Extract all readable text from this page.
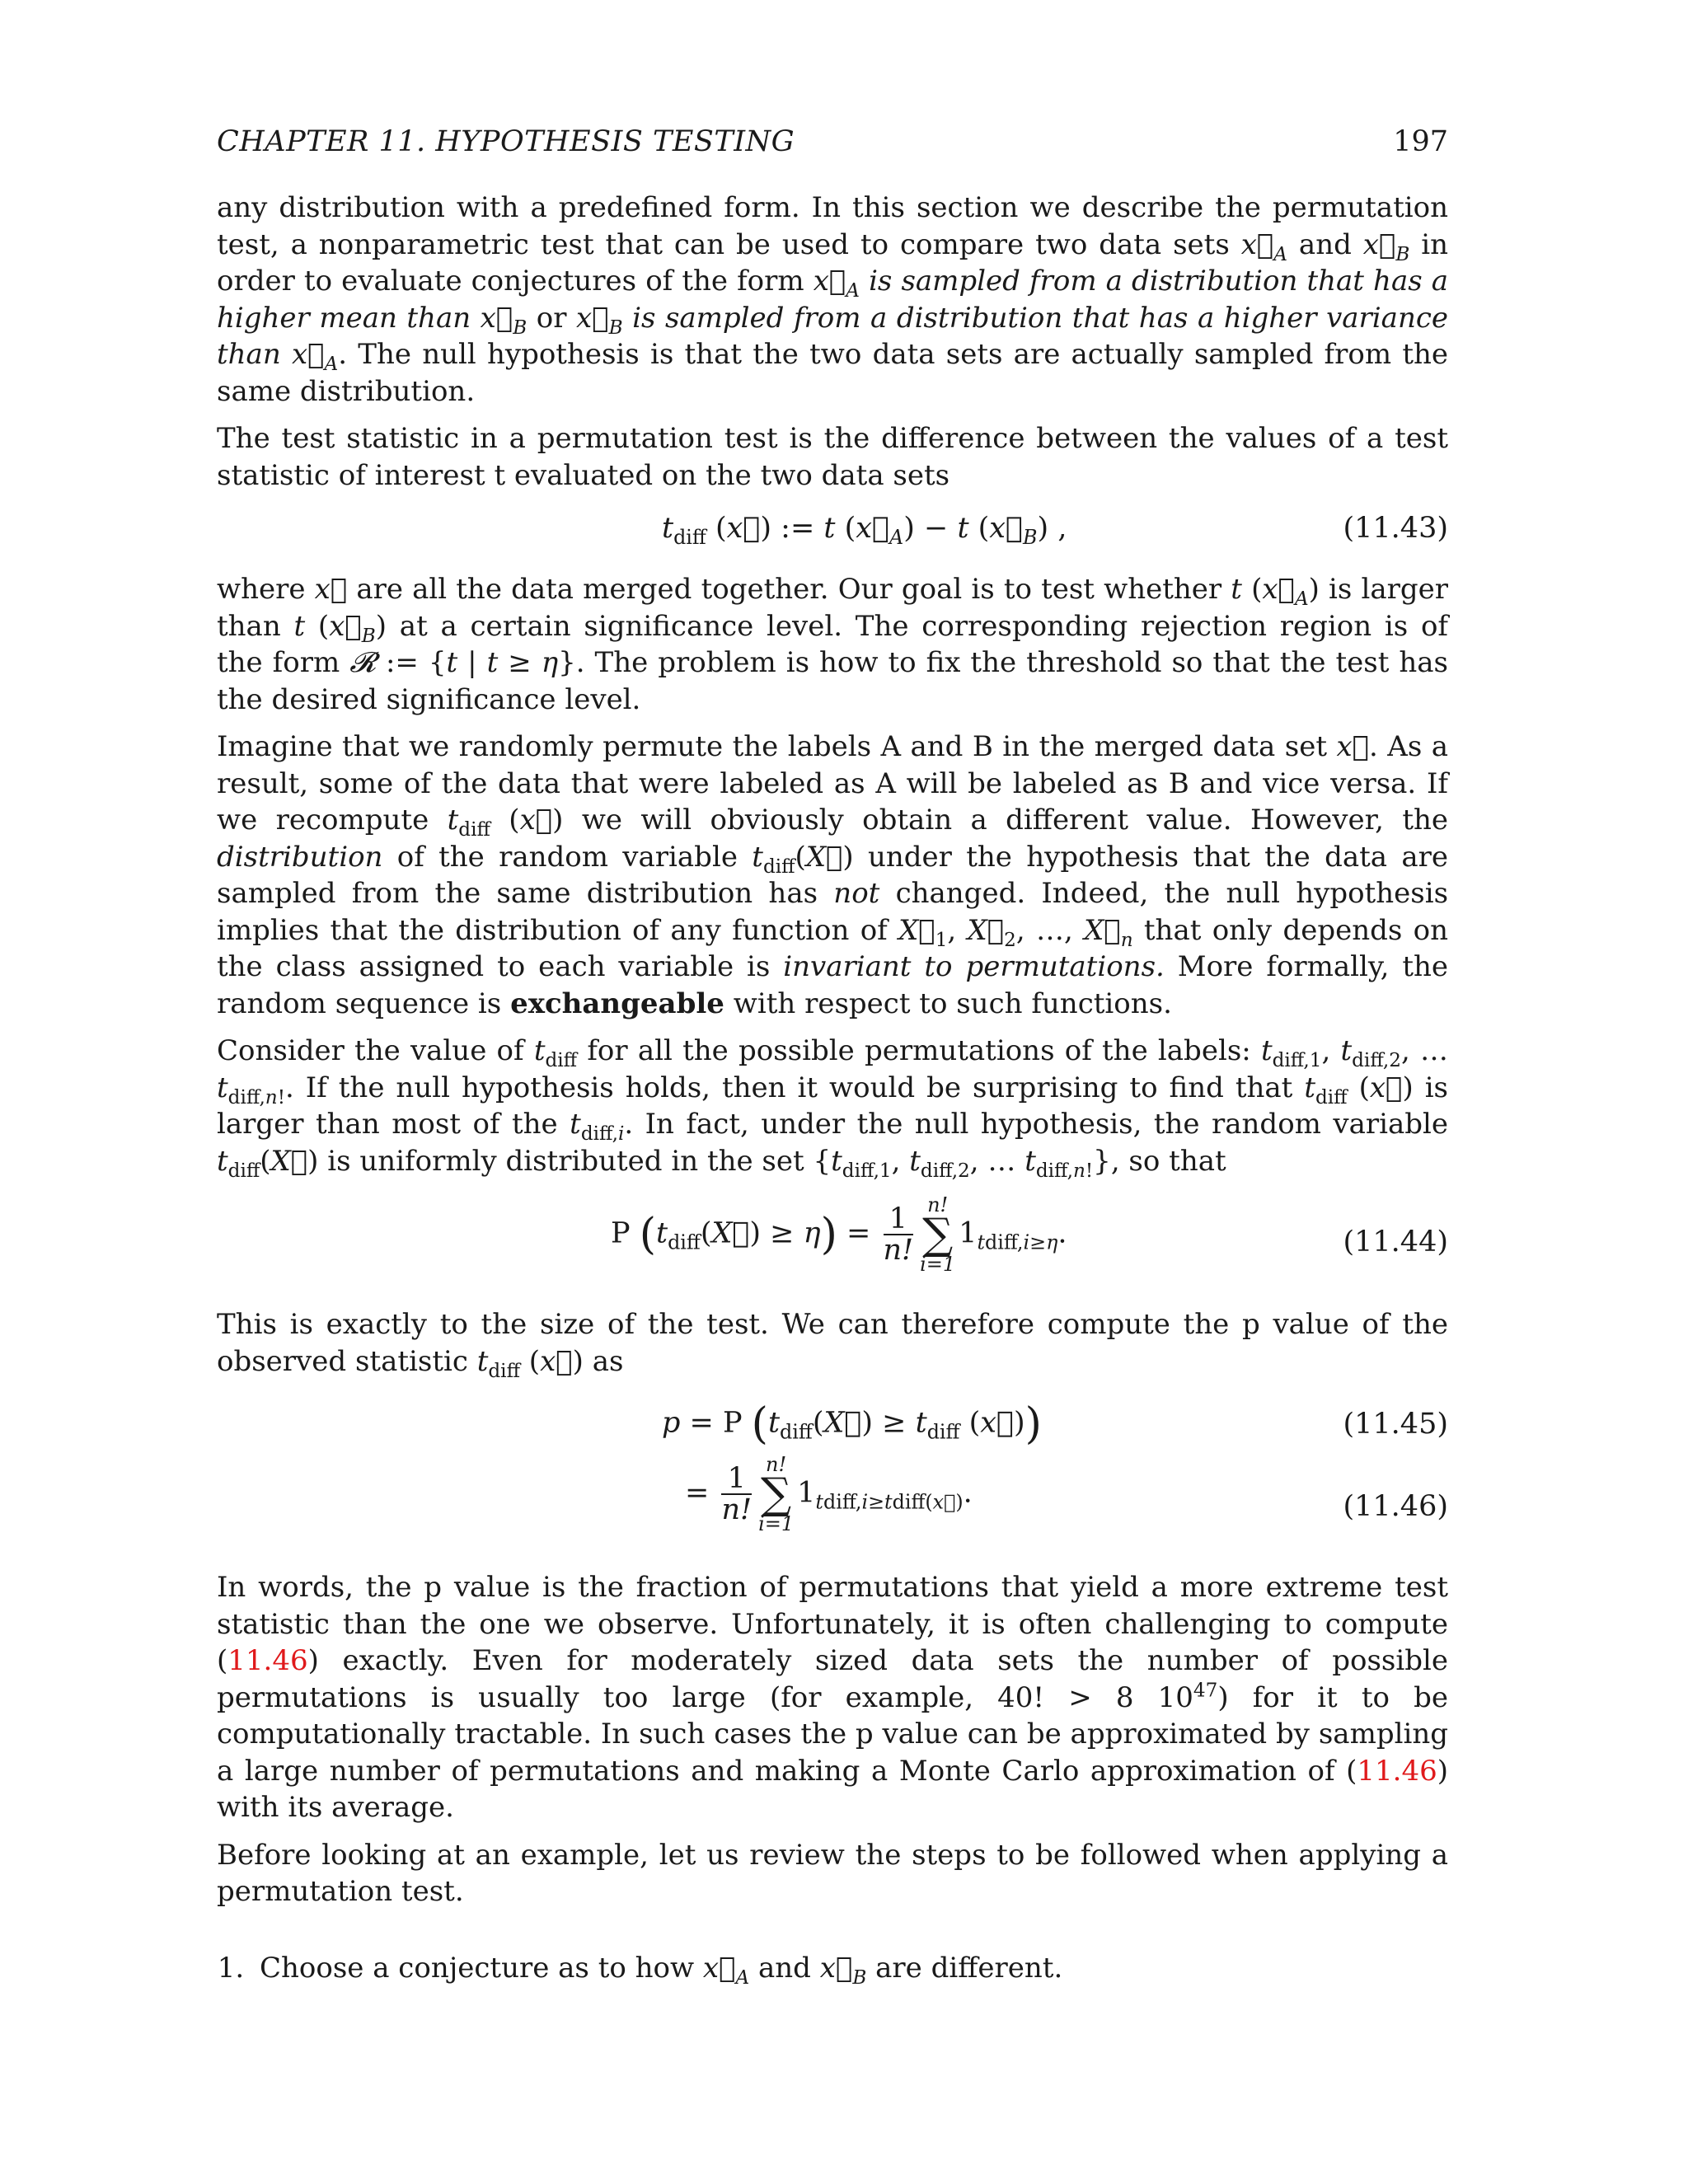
CHAPTER 11. HYPOTHESIS TESTING	197

any distribution with a predefined form. In this section we describe the permutation test, a nonparametric test that can be used to compare two data sets $x⃗_A$ and $x⃗_B$ in order to evaluate conjectures of the form $x⃗_A$ is sampled from a distribution that has a higher mean than $x⃗_B$ or $x⃗_B$ is sampled from a distribution that has a higher variance than $x⃗_A$. The null hypothesis is that the two data sets are actually sampled from the same distribution.

The test statistic in a permutation test is the difference between the values of a test statistic of interest t evaluated on the two data sets

$t_{diff}$ (x⃗) := t $(x⃗_A) - t$ $(x⃗_B)$ ,	(11.43)

where x⃗ are all the data merged together. Our goal is to test whether t $(x⃗_A)$ is larger than t $(x⃗_B)$ at a certain significance level. The corresponding rejection region is of the form 𝓡 := {t | t ≥ η}. The problem is how to fix the threshold so that the test has the desired significance level.

Imagine that we randomly permute the labels A and B in the merged data set x⃗. As a result, some of the data that were labeled as A will be labeled as B and vice versa. If we recompute $t_{diff}$ (x⃗) we will obviously obtain a different value. However, the distribution of the random variable $t_{diff}(X⃗)$ under the hypothesis that the data are sampled from the same distribution has not changed. Indeed, the null hypothesis implies that the distribution of any function of $X⃗_1$, $X⃗_2$, …, $X⃗_n$ that only depends on the class assigned to each variable is invariant to permutations. More formally, the random sequence is exchangeable with respect to such functions.

Consider the value of $t_{diff}$ for all the possible permutations of the labels: $t_{diff,1}$, $t_{diff,2}$, … $t_{diff,n!}$. If the null hypothesis holds, then it would be surprising to find that $t_{diff}$ (x⃗) is larger than most of the $t_{diff,i}$. In fact, under the null hypothesis, the random variable $t_{diff}(X⃗)$ is uniformly distributed in the set {$t_{diff,1}$, $t_{diff,2}$, … $t_{diff,n!}$}, so that

P $(t_{diff}(X⃗) \ge \eta) = \frac{1}{n!} n$!
∑
i=1
$1_{tdiff,i\ge\eta}$.	(11.44)

This is exactly to the size of the test. We can therefore compute the p value of the observed statistic $t_{diff}$ (x⃗) as

p = P ($t_{diff}(X⃗) \ge t_{diff}$ (x⃗))	(11.45)
= $\frac{1}{n!} n$!
∑
i=1
$1_{tdiff,i\ge tdiff(x⃗)}$.	(11.46)

In words, the p value is the fraction of permutations that yield a more extreme test statistic than the one we observe. Unfortunately, it is often challenging to compute (11.46) exactly. Even for moderately sized data sets the number of possible permutations is usually too large (for example, 40! > 8 $10^{47}$) for it to be computationally tractable. In such cases the p value can be approximated by sampling a large number of permutations and making a Monte Carlo approximation of (11.46) with its average.

Before looking at an example, let us review the steps to be followed when applying a permutation test.

1. Choose a conjecture as to how $x⃗_A$ and $x⃗_B$ are different.
